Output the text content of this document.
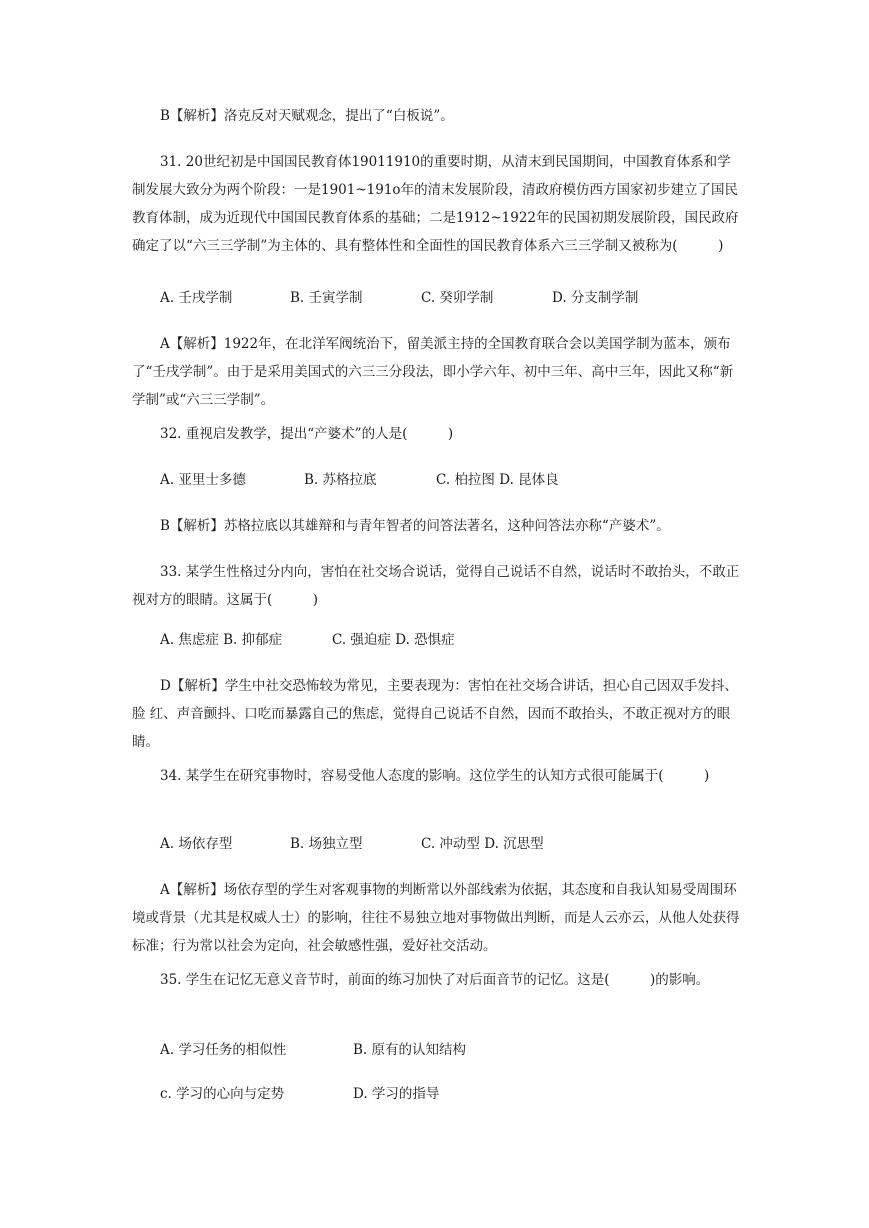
B【解析】洛克反对天赋观念，提出了“白板说”。
31. 20世纪初是中国国民教育体19011910的重要时期，从清末到民国期间，中国教育体系和学制发展大致分为两个阶段：一是1901~191o年的清末发展阶段，清政府模仿西方国家初步建立了国民教育体制，成为近现代中国国民教育体系的基础；二是1912~1922年的民国初期发展阶段，国民政府确定了以“六三三学制”为主体的、具有整体性和全面性的国民教育体系六三三学制又被称为(　　　)
A. 壬戌学制	B. 壬寅学制	C. 癸卯学制	D. 分支制学制
A【解析】1922年，在北洋军阀统治下，留美派主持的全国教育联合会以美国学制为蓝本，颁布了“壬戌学制”。由于是采用美国式的六三三分段法，即小学六年、初中三年、高中三年，因此又称“新 学制”或“六三三学制”。
32. 重视启发教学，提出“产婆术”的人是(　　　)
A. 亚里士多德	B. 苏格拉底	C. 柏拉图 D. 昆体良
B【解析】苏格拉底以其雄辩和与青年智者的问答法著名，这种问答法亦称“产婆术”。
33. 某学生性格过分内向，害怕在社交场合说话，觉得自己说话不自然，说话时不敢抬头，不敢正视对方的眼睛。这属于(　　　)
A. 焦虑症 B. 抑郁症	C. 强迫症 D. 恐惧症
D【解析】学生中社交恐怖较为常见，主要表现为：害怕在社交场合讲话，担心自己因双手发抖、脸 红、声音颤抖、口吃而暴露自己的焦虑，觉得自己说话不自然，因而不敢抬头，不敢正视对方的眼睛。
34. 某学生在研究事物时，容易受他人态度的影响。这位学生的认知方式很可能属于(　　　)
A. 场依存型	B. 场独立型	C. 冲动型 D. 沉思型
A【解析】场依存型的学生对客观事物的判断常以外部线索为依据，其态度和自我认知易受周围环境或背景（尤其是权威人士）的影响，往往不易独立地对事物做出判断，而是人云亦云，从他人处获得标准；行为常以社会为定向，社会敏感性强，爱好社交活动。
35. 学生在记忆无意义音节时，前面的练习加快了对后面音节的记忆。这是(　　　)的影响。
A. 学习任务的相似性	B. 原有的认知结构
c. 学习的心向与定势	D. 学习的指导
